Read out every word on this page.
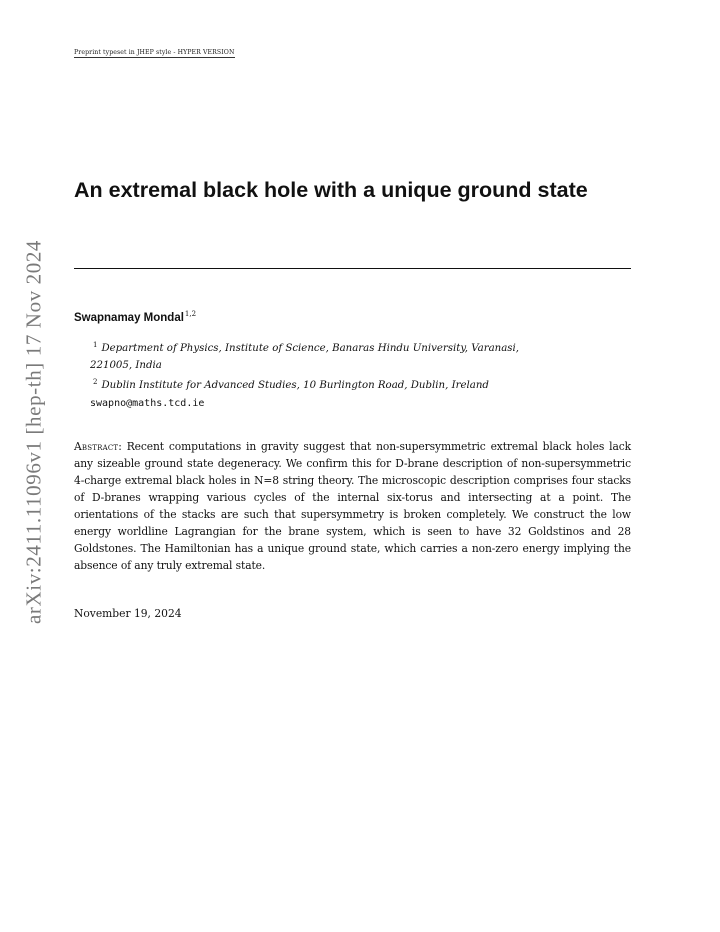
arXiv:2411.11096v1 [hep-th] 17 Nov 2024
Preprint typeset in JHEP style - HYPER VERSION
An extremal black hole with a unique ground state
Swapnamay Mondal$^{1,2}$
$^1$ Department of Physics, Institute of Science, Banaras Hindu University, Varanasi,
221005, India
$^2$ Dublin Institute for Advanced Studies, 10 Burlington Road, Dublin, Ireland
swapno@maths.tcd.ie

Abstract: Recent computations in gravity suggest that non-supersymmetric extremal black holes lack any sizeable ground state degeneracy. We confirm this for D-brane description of non-supersymmetric 4-charge extremal black holes in N=8 string theory. The microscopic description comprises four stacks of D-branes wrapping various cycles of the internal six-torus and intersecting at a point. The orientations of the stacks are such that supersymmetry is broken completely. We construct the low energy worldline Lagrangian for the brane system, which is seen to have 32 Goldstinos and 28 Goldstones. The Hamiltonian has a unique ground state, which carries a non-zero energy implying the absence of any truly extremal state.

November 19, 2024
